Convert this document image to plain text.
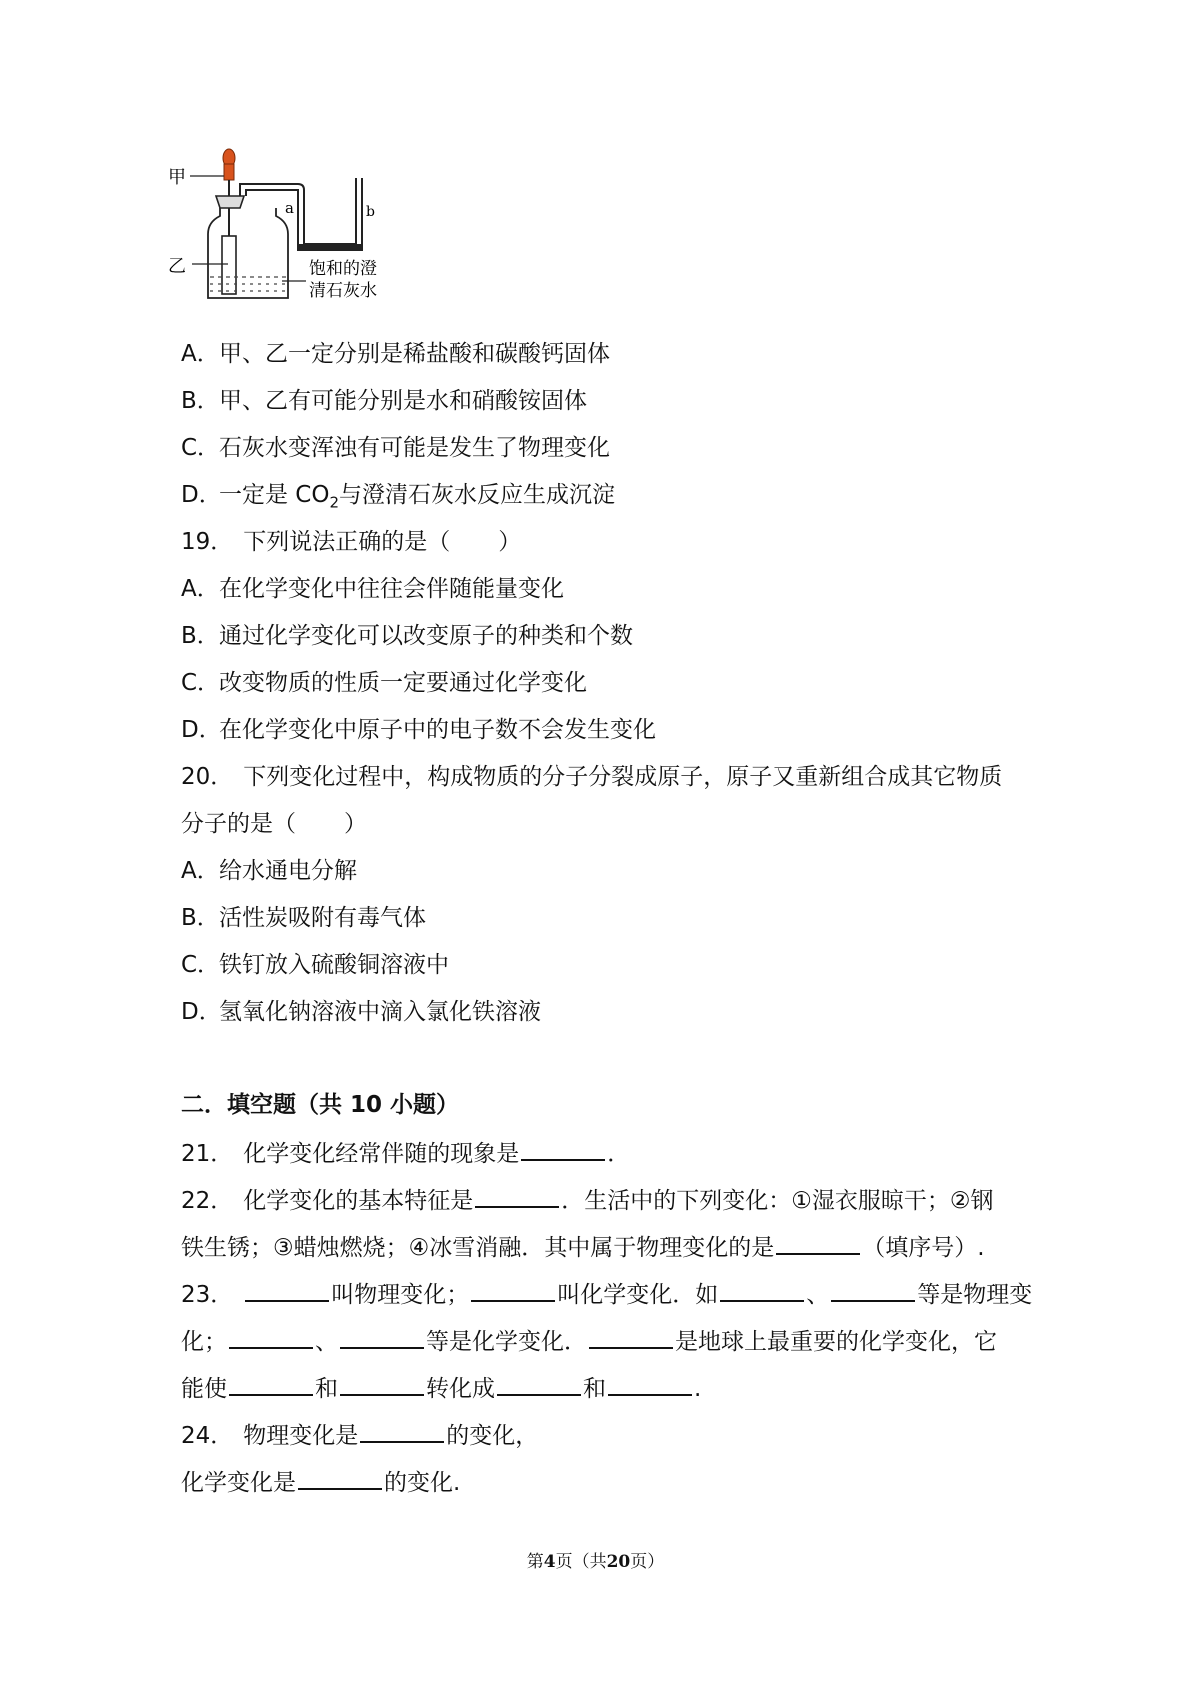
甲
乙
a	b
饱和的澄
清石灰水
A．甲、乙一定分别是稀盐酸和碳酸钙固体
B．甲、乙有可能分别是水和硝酸铵固体
C．石灰水变浑浊有可能是发生了物理变化
D．一定是 $CO_2$与澄清石灰水反应生成沉淀
19． 下列说法正确的是（ ）
A．在化学变化中往往会伴随能量变化
B．通过化学变化可以改变原子的种类和个数
C．改变物质的性质一定要通过化学变化
D．在化学变化中原子中的电子数不会发生变化
20． 下列变化过程中，构成物质的分子分裂成原子，原子又重新组合成其它物质
分子的是（ ）
A．给水通电分解
B．活性炭吸附有毒气体
C．铁钉放入硫酸铜溶液中
D．氢氧化钠溶液中滴入氯化铁溶液
二．填空题（共 10 小题）
21． 化学变化经常伴随的现象是	．
22． 化学变化的基本特征是	．生活中的下列变化：①湿衣服晾干；②钢
铁生锈；③蜡烛燃烧；④冰雪消融．其中属于物理变化的是	（填序号）.
23．	叫物理变化；	叫化学变化．如	、	等是物理变
化；	、	等是化学变化．	是地球上最重要的化学变化，它
能使	和	转化成	和	.
24． 物理变化是	的变化，
化学变化是	的变化.
第4页（共20页）
